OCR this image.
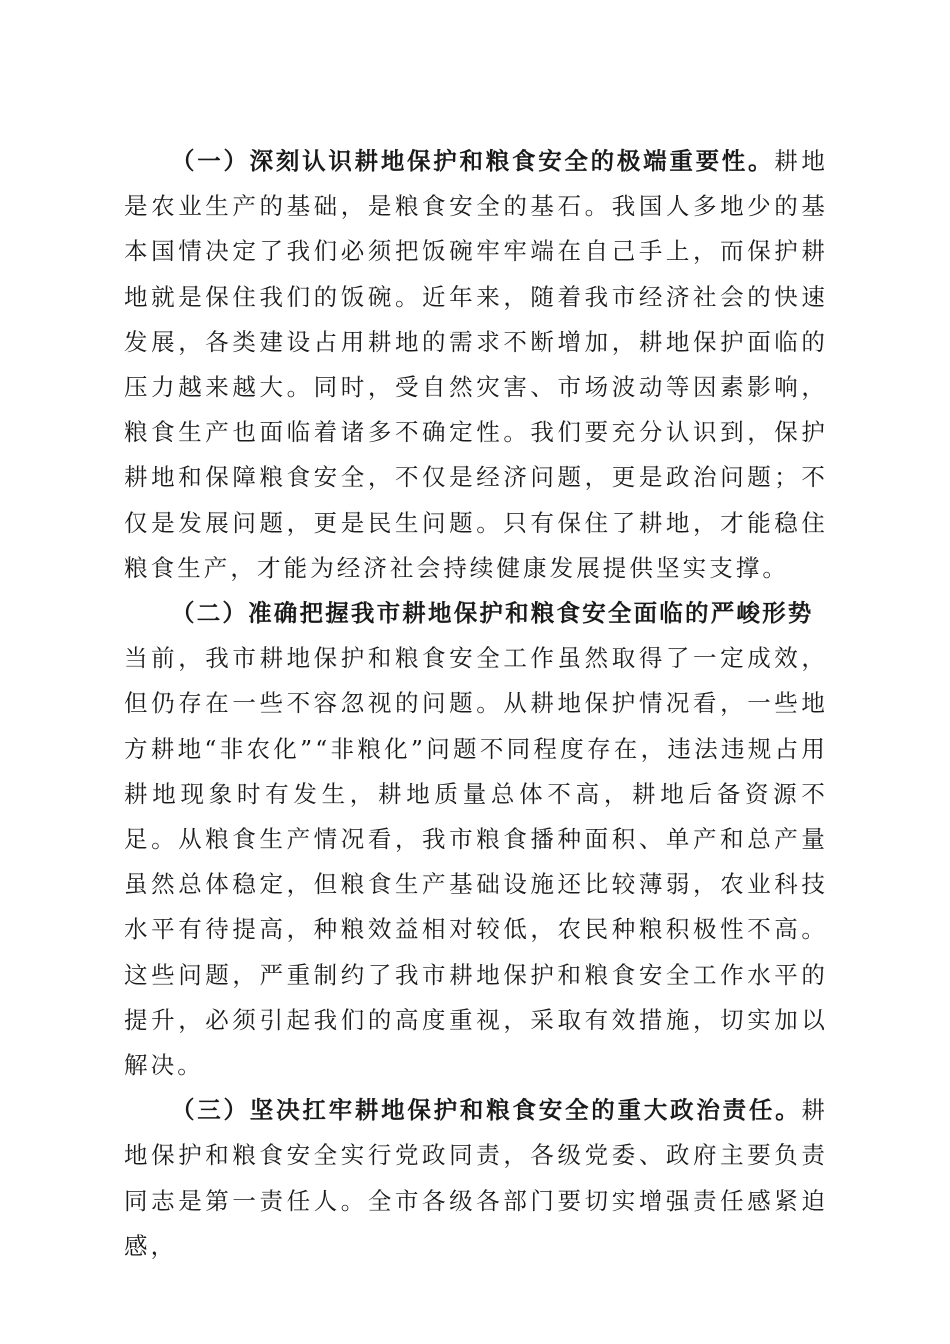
（一）深刻认识耕地保护和粮食安全的极端重要性。耕地是农业生产的基础，是粮食安全的基石。我国人多地少的基本国情决定了我们必须把饭碗牢牢端在自己手上，而保护耕地就是保住我们的饭碗。近年来，随着我市经济社会的快速发展，各类建设占用耕地的需求不断增加，耕地保护面临的压力越来越大。同时，受自然灾害、市场波动等因素影响，粮食生产也面临着诸多不确定性。我们要充分认识到，保护耕地和保障粮食安全，不仅是经济问题，更是政治问题；不仅是发展问题，更是民生问题。只有保住了耕地，才能稳住粮食生产，才能为经济社会持续健康发展提供坚实支撑。

（二）准确把握我市耕地保护和粮食安全面临的严峻形势
当前，我市耕地保护和粮食安全工作虽然取得了一定成效，但仍存在一些不容忽视的问题。从耕地保护情况看，一些地方耕地“非农化”“非粮化”问题不同程度存在，违法违规占用耕地现象时有发生，耕地质量总体不高，耕地后备资源不足。从粮食生产情况看，我市粮食播种面积、单产和总产量虽然总体稳定，但粮食生产基础设施还比较薄弱，农业科技水平有待提高，种粮效益相对较低，农民种粮积极性不高。这些问题，严重制约了我市耕地保护和粮食安全工作水平的提升，必须引起我们的高度重视，采取有效措施，切实加以解决。

（三）坚决扛牢耕地保护和粮食安全的重大政治责任。耕地保护和粮食安全实行党政同责，各级党委、政府主要负责同志是第一责任人。全市各级各部门要切实增强责任感紧迫感，
